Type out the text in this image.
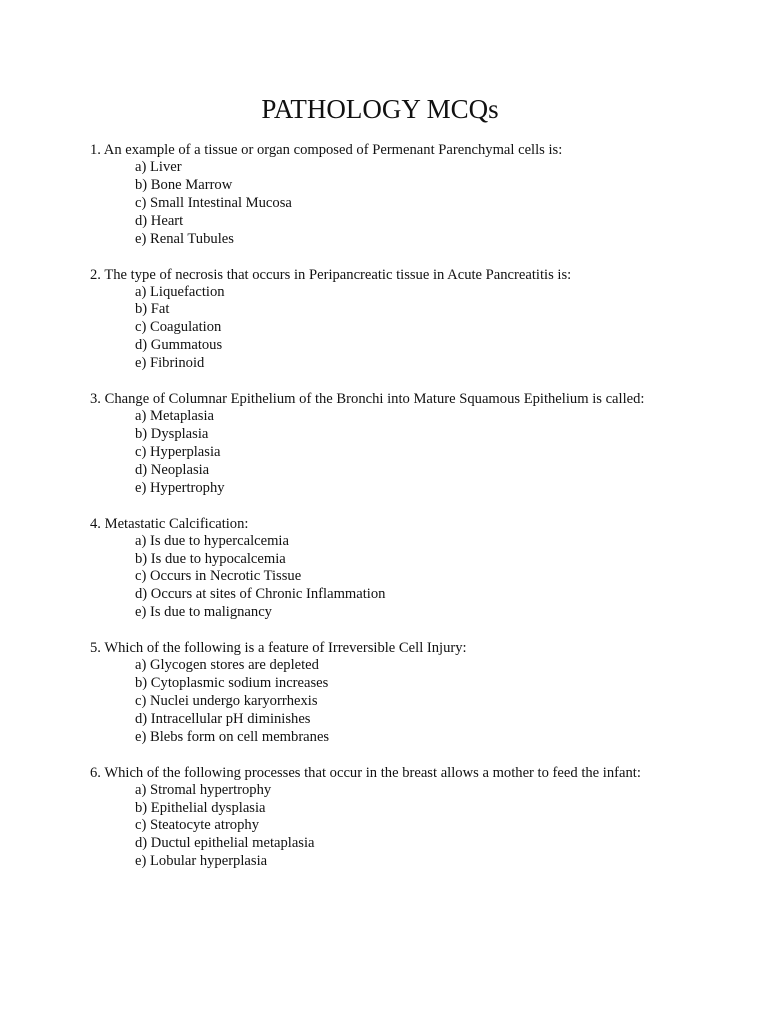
PATHOLOGY MCQs
1. An example of a tissue or organ composed of Permenant Parenchymal cells is:
a) Liver
b) Bone Marrow
c) Small Intestinal Mucosa
d) Heart
e) Renal Tubules
2. The type of necrosis that occurs in Peripancreatic tissue in Acute Pancreatitis is:
a) Liquefaction
b) Fat
c) Coagulation
d) Gummatous
e) Fibrinoid
3. Change of Columnar Epithelium of the Bronchi into Mature Squamous Epithelium is called:
a) Metaplasia
b) Dysplasia
c) Hyperplasia
d) Neoplasia
e) Hypertrophy
4. Metastatic Calcification:
a) Is due to hypercalcemia
b) Is due to hypocalcemia
c) Occurs in Necrotic Tissue
d) Occurs at sites of Chronic Inflammation
e) Is due to malignancy
5. Which of the following is a feature of Irreversible Cell Injury:
a) Glycogen stores are depleted
b) Cytoplasmic sodium increases
c) Nuclei undergo karyorrhexis
d) Intracellular pH diminishes
e) Blebs form on cell membranes
6. Which of the following processes that occur in the breast allows a mother to feed the infant:
a) Stromal hypertrophy
b) Epithelial dysplasia
c) Steatocyte atrophy
d) Ductul epithelial metaplasia
e) Lobular hyperplasia
